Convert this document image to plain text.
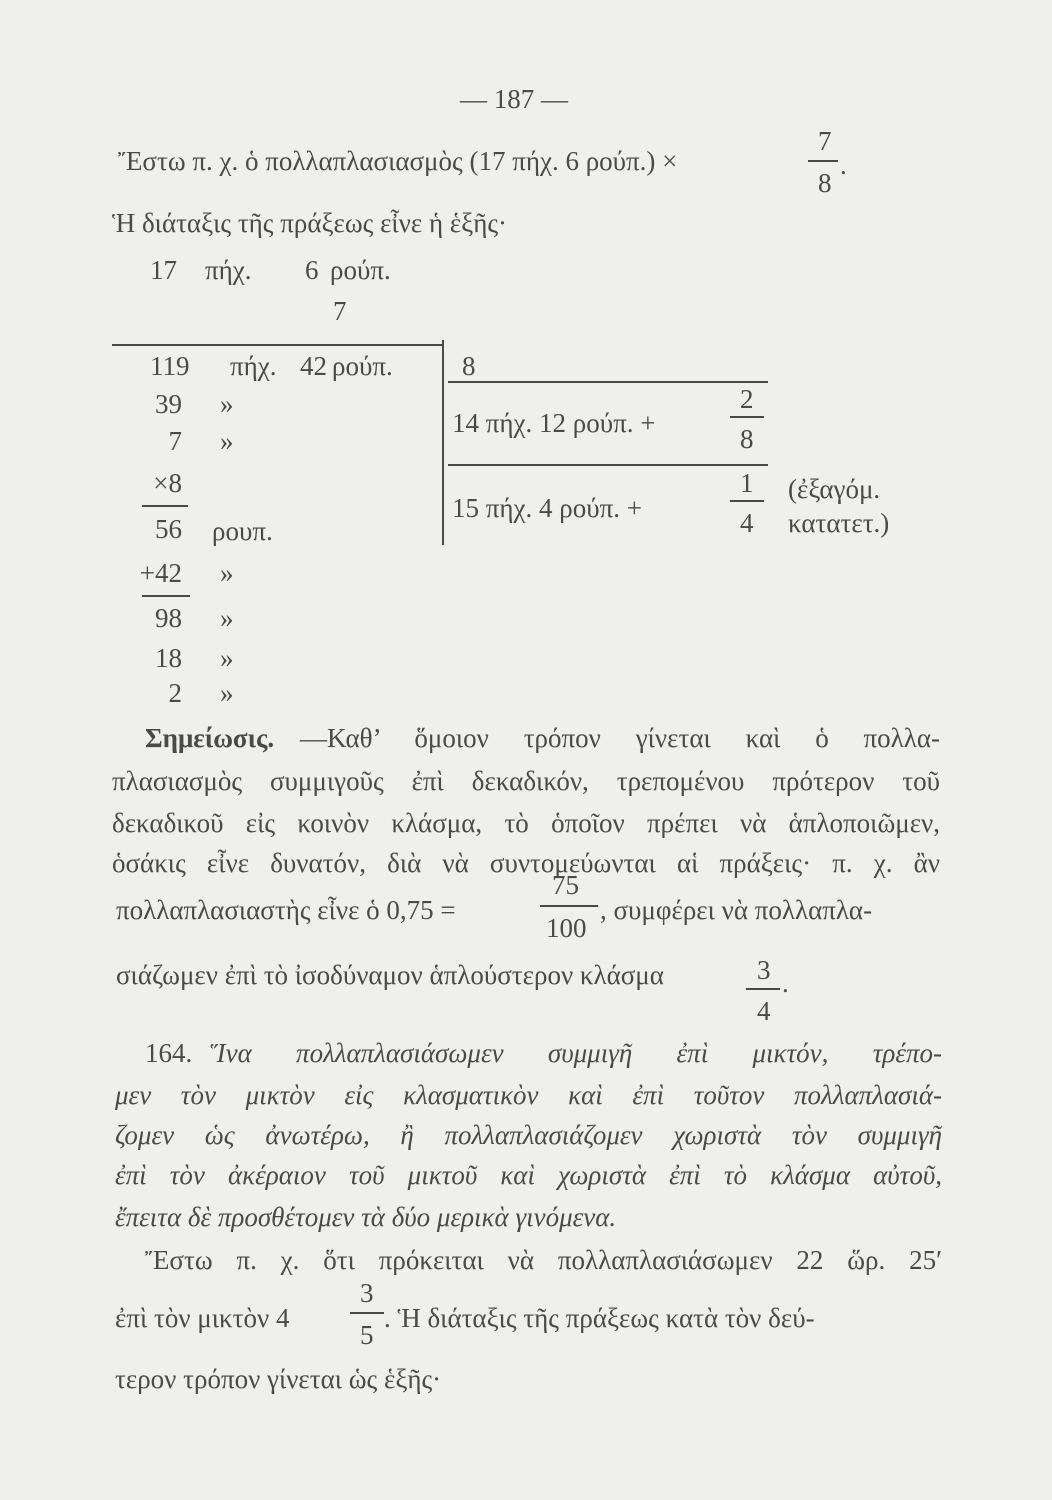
— 187 —
Ἔστω π. χ. ὁ πολλαπλασιασμὸς (17 πήχ. 6 ρούπ.) ×
7
8
.
Ἡ διάταξις τῆς πράξεως εἶνε ἡ ἑξῆς·
17 πήχ. 6 ρούπ.
7
119 πήχ. 42 ρούπ.
39 »
7 »
×8
56 ρουπ.
+42 »
98 »
18 »
2 »
8
14 πήχ. 12 ρούπ. +
2
8
15 πήχ. 4 ρούπ. +
1
4
(ἐξαγόμ.
κατατετ.)
Σημείωσις. —Καθ’ ὅμοιον τρόπον γίνεται καὶ ὁ πολλα-
πλασιασμὸς συμμιγοῦς ἐπὶ δεκαδικόν, τρεπομένου πρότερον τοῦ
δεκαδικοῦ εἰς κοινὸν κλάσμα, τὸ ὁποῖον πρέπει νὰ ἁπλοποιῶμεν,
ὁσάκις εἶνε δυνατόν, διὰ νὰ συντομεύωνται αἱ πράξεις· π. χ. ἂν
πολλαπλασιαστὴς εἶνε ὁ 0,75 =
75
100
, συμφέρει νὰ πολλαπλα-
σιάζωμεν ἐπὶ τὸ ἰσοδύναμον ἁπλούστερον κλάσμα	3
4
.
164. Ἵνα πολλαπλασιάσωμεν συμμιγῆ ἐπὶ μικτόν, τρέπο-
μεν τὸν μικτὸν εἰς κλασματικὸν καὶ ἐπὶ τοῦτον πολλαπλασιά-
ζομεν ὡς ἀνωτέρω, ἢ πολλαπλασιάζομεν χωριστὰ τὸν συμμιγῆ
ἐπὶ τὸν ἀκέραιον τοῦ μικτοῦ καὶ χωριστὰ ἐπὶ τὸ κλάσμα αὐτοῦ,
ἔπειτα δὲ προσθέτομεν τὰ δύο μερικὰ γινόμενα.
Ἔστω π. χ. ὅτι πρόκειται νὰ πολλαπλασιάσωμεν 22 ὥρ. 25′
ἐπὶ τὸν μικτὸν 4
3
5
. Ἡ διάταξις τῆς πράξεως κατὰ τὸν δεύ-
τερον τρόπον γίνεται ὡς ἑξῆς·
